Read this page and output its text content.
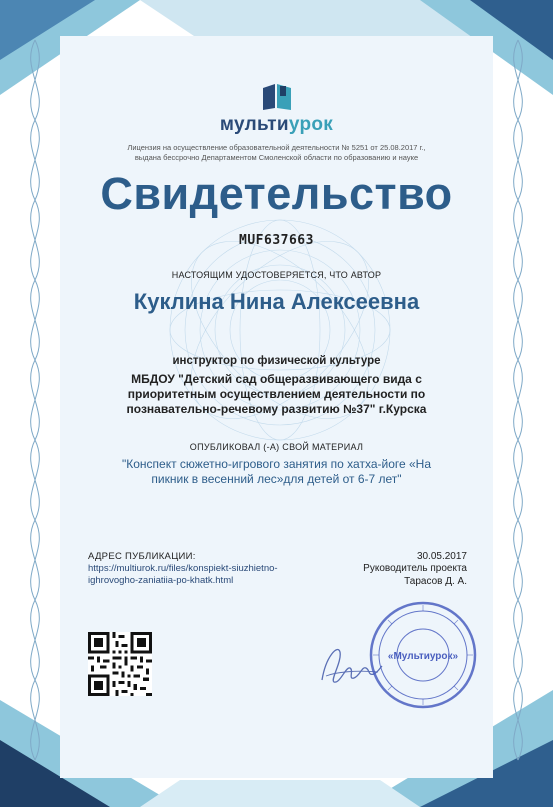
мультиурок
Лицензия на осуществление образовательной деятельности № 5251 от 25.08.2017 г.,
выдана бессрочно Департаментом Смоленской области по образованию и науке
Свидетельство
MUF637663
НАСТОЯЩИМ УДОСТОВЕРЯЕТСЯ, ЧТО АВТОР
Куклина Нина Алексеевна
инструктор по физической культуре
МБДОУ "Детский сад общеразвивающего вида с
приоритетным осуществлением деятельности по
познавательно-речевому развитию №37" г.Курска
ОПУБЛИКОВАЛ (-А) СВОЙ МАТЕРИАЛ
"Конспект сюжетно-игрового занятия по хатха-йоге «На
пикник в весенний лес»для детей от 6-7 лет"
АДРЕС ПУБЛИКАЦИИ:
https://multiurok.ru/files/konspiekt-siuzhietno-
ighrovogho-zaniatiia-po-khatk.html
30.05.2017
Руководитель проекта
Тарасов Д. А.
«Мультиурок»
